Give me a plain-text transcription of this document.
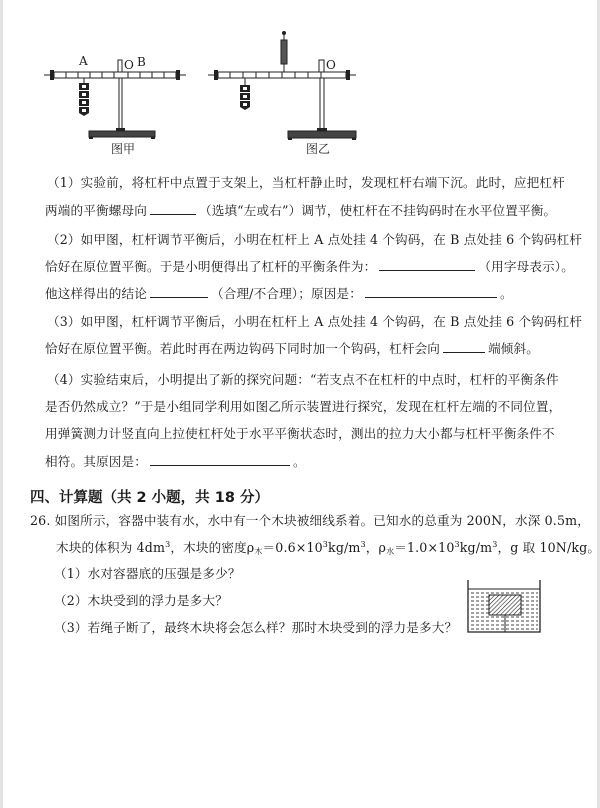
A	O B
图甲
O
图乙
（1）实验前，将杠杆中点置于支架上，当杠杆静止时，发现杠杆右端下沉。此时，应把杠杆
两端的平衡螺母向	（选填“左或右”）调节，使杠杆在不挂钩码时在水平位置平衡。
（2）如甲图，杠杆调节平衡后，小明在杠杆上 A 点处挂 4 个钩码，在 B 点处挂 6 个钩码杠杆
恰好在原位置平衡。于是小明便得出了杠杆的平衡条件为：	（用字母表示）。
他这样得出的结论	（合理/不合理）；原因是：	。
（3）如甲图，杠杆调节平衡后，小明在杠杆上 A 点处挂 4 个钩码，在 B 点处挂 6 个钩码杠杆
恰好在原位置平衡。若此时再在两边钩码下同时加一个钩码，杠杆会向	端倾斜。
（4）实验结束后，小明提出了新的探究问题：“若支点不在杠杆的中点时，杠杆的平衡条件
是否仍然成立？”于是小组同学利用如图乙所示装置进行探究，发现在杠杆左端的不同位置，
用弹簧测力计竖直向上拉使杠杆处于水平平衡状态时，测出的拉力大小都与杠杆平衡条件不
相符。其原因是：	。
四、计算题（共 2 小题，共 18 分）
26. 如图所示，容器中装有水，水中有一个木块被细线系着。已知水的总重为 200N，水深 0.5m，
木块的体积为 $4dm^3$，木块的密度$\rho_木=0.6\times 10^3kg/m^3$，$\rho_水=1.0\times 10^3kg/m^3$，g 取 10N/kg。
（1）水对容器底的压强是多少？
（2）木块受到的浮力是多大？
（3）若绳子断了，最终木块将会怎么样？那时木块受到的浮力是多大？
